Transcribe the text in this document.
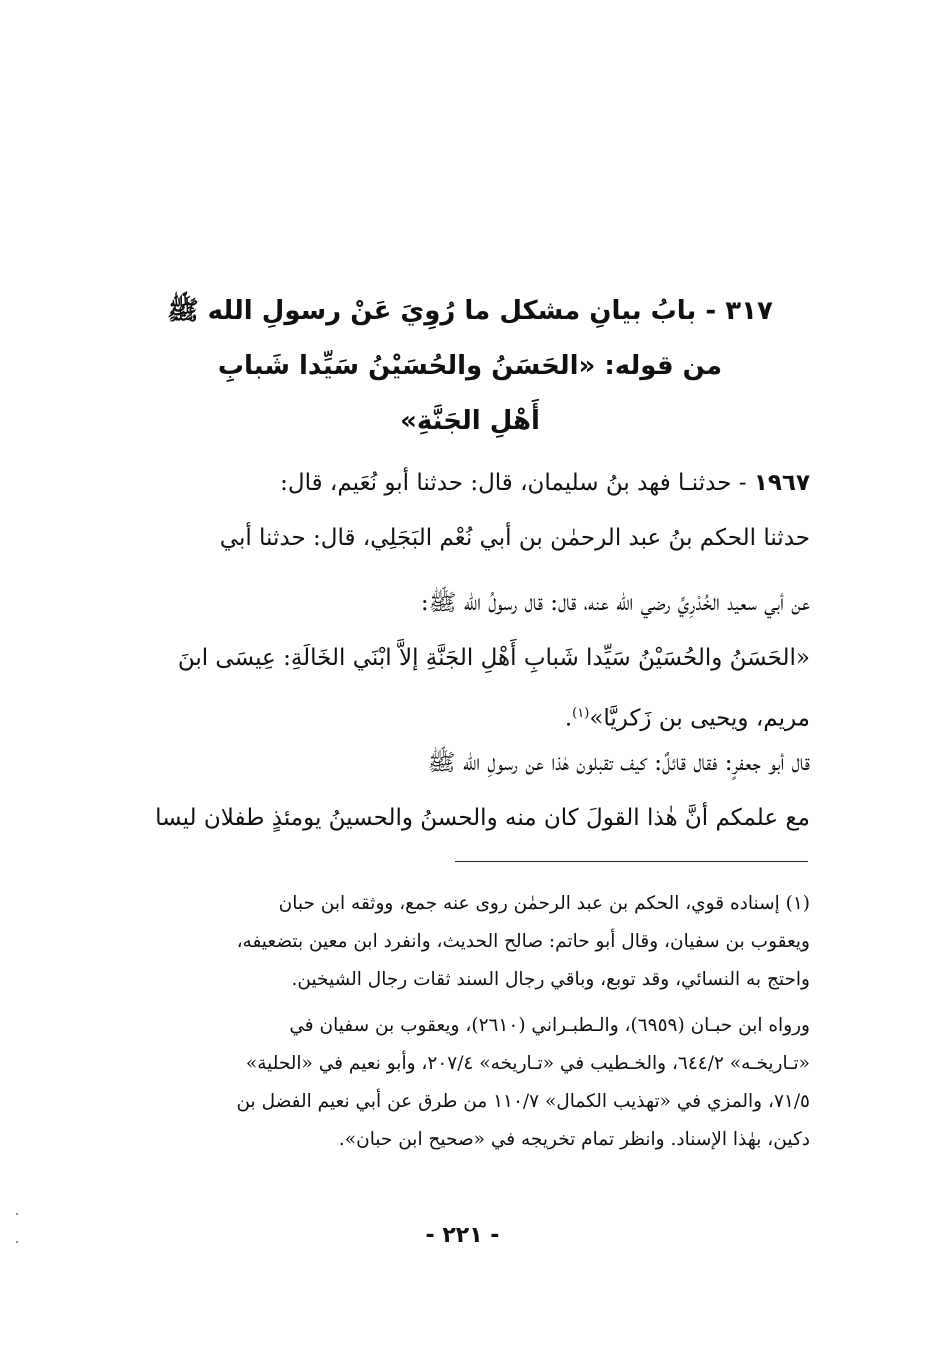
٣١٧ - بابُ بيانِ مشكل ما رُوِيَ عَنْ رسولِ الله ﷺ
من قوله: «الحَسَنُ والحُسَيْنُ سَيِّدا شَبابِ
أَهْلِ الجَنَّةِ»
١٩٦٧ - حدثنـا فهد بنُ سليمان، قال: حدثنا أبو نُعَيم، قال:
حدثنا الحكم بنُ عبد الرحمٰن بن أبي نُعْم البَجَلِي، قال: حدثنا أبي
عن أبي سعيد الخُدْرِيِّ رضي الله عنه، قال: قال رسولُ الله ﷺ:
«الحَسَنُ والحُسَيْنُ سَيِّدا شَبابِ أَهْلِ الجَنَّةِ إلاَّ ابْنَي الخَالَةِ: عِيسَى ابنَ
مريم، ويحيى بن زَكريَّا»$^{(١)}$.
قال أبو جعفرٍ: فقال قائلٌ: كيف تقبلون هٰذا عن رسولِ الله ﷺ
مع علمكم أنَّ هٰذا القولَ كان منه والحسنُ والحسينُ يومئذٍ طفلان ليسا
(١) إسناده قوي، الحكم بن عبد الرحمٰن روى عنه جمع، ووثقه ابن حبان
ويعقوب بن سفيان، وقال أبو حاتم: صالح الحديث، وانفرد ابن معين بتضعيفه،
واحتج به النسائي، وقد توبع، وباقي رجال السند ثقات رجال الشيخين.
ورواه ابن حبـان (٦٩٥٩)، والـطبـراني (٢٦١٠)، ويعقوب بن سفيان في
«تـاريخـه» ٦٤٤/٢، والخـطيب في «تـاريخه» ٢٠٧/٤، وأبو نعيم في «الحلية»
٧١/٥، والمزي في «تهذيب الكمال» ١١٠/٧ من طرق عن أبي نعيم الفضل بن
دكين، بهٰذا الإسناد. وانظر تمام تخريجه في «صحيح ابن حبان».
- ٢٢١ -
